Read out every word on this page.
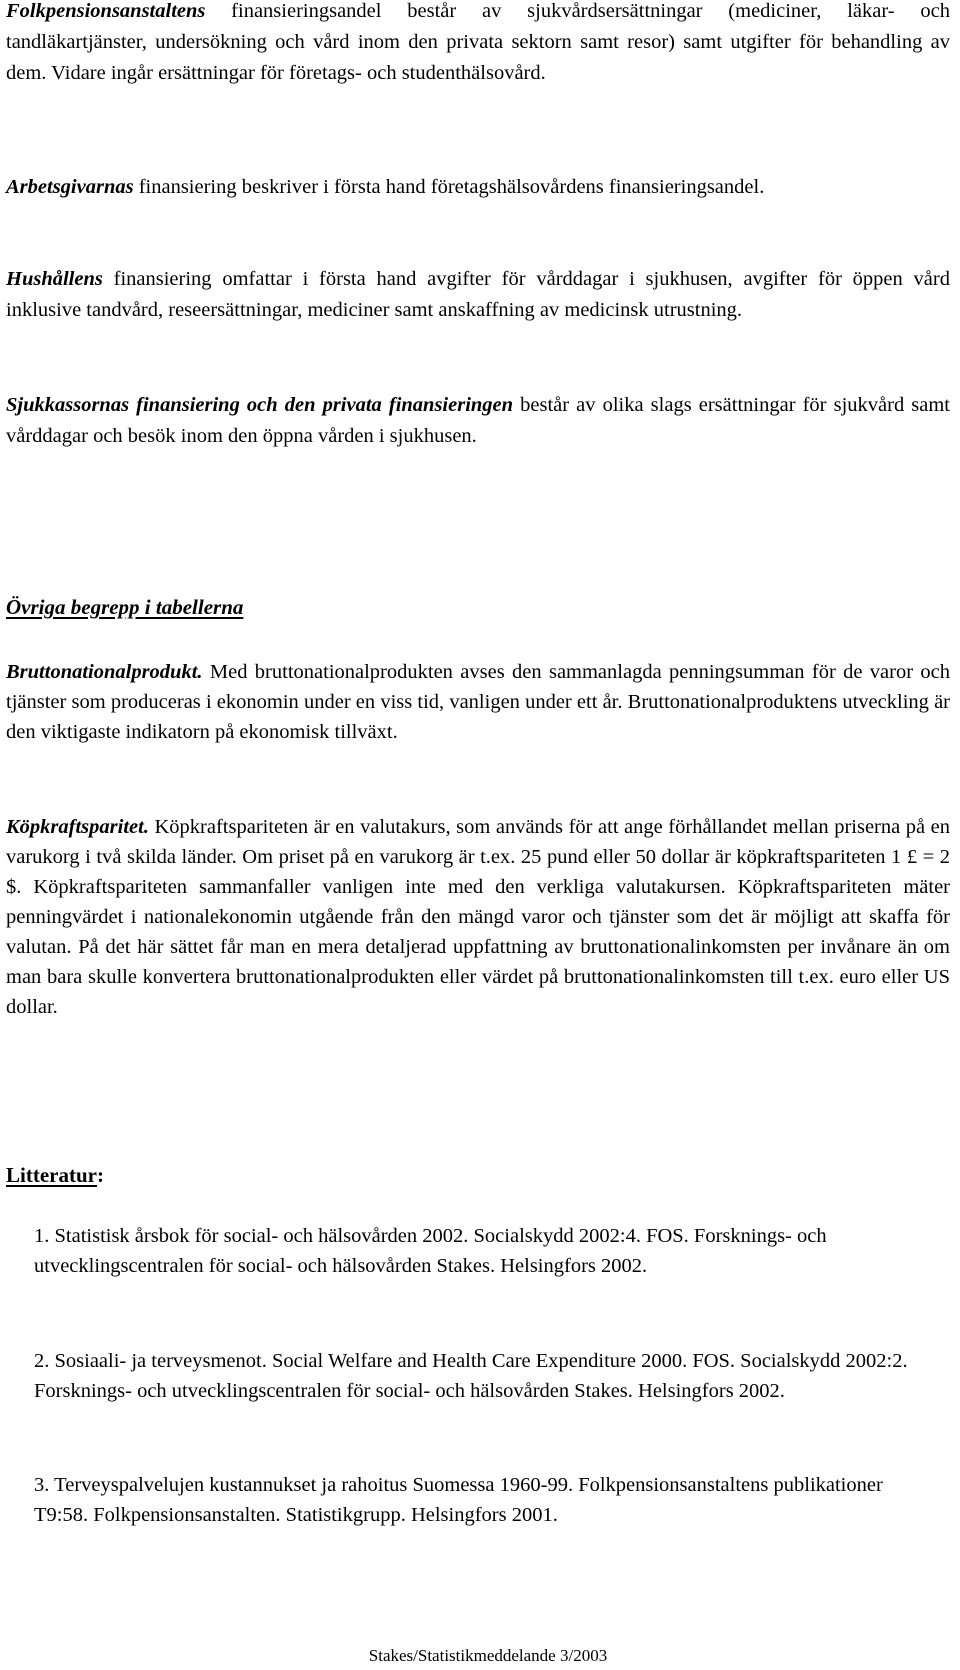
Folkpensionsanstaltens finansieringsandel består av sjukvårdsersättningar (mediciner, läkar- och tandläkartjänster, undersökning och vård inom den privata sektorn samt resor) samt utgifter för behandling av dem. Vidare ingår ersättningar för företags- och studenthälsovård.

Arbetsgivarnas finansiering beskriver i första hand företagshälsovårdens finansieringsandel.

Hushållens finansiering omfattar i första hand avgifter för vårddagar i sjukhusen, avgifter för öppen vård inklusive tandvård, reseersättningar, mediciner samt anskaffning av medicinsk utrustning.

Sjukkassornas finansiering och den privata finansieringen består av olika slags ersättningar för sjukvård samt vårddagar och besök inom den öppna vården i sjukhusen.

Övriga begrepp i tabellerna

Bruttonationalprodukt. Med bruttonationalprodukten avses den sammanlagda penningsumman för de varor och tjänster som produceras i ekonomin under en viss tid, vanligen under ett år. Bruttonationalproduktens utveckling är den viktigaste indikatorn på ekonomisk tillväxt.

Köpkraftsparitet. Köpkraftspariteten är en valutakurs, som används för att ange förhållandet mellan priserna på en varukorg i två skilda länder. Om priset på en varukorg är t.ex. 25 pund eller 50 dollar är köpkraftspariteten 1 £ = 2 $. Köpkraftspariteten sammanfaller vanligen inte med den verkliga valutakursen. Köpkraftspariteten mäter penningvärdet i nationalekonomin utgående från den mängd varor och tjänster som det är möjligt att skaffa för valutan. På det här sättet får man en mera detaljerad uppfattning av bruttonationalinkomsten per invånare än om man bara skulle konvertera bruttonationalprodukten eller värdet på bruttonationalinkomsten till t.ex. euro eller US dollar.

Litteratur:
1. Statistisk årsbok för social- och hälsovården 2002. Socialskydd 2002:4. FOS. Forsknings- och utvecklingscentralen för social- och hälsovården Stakes. Helsingfors 2002.
2. Sosiaali- ja terveysmenot. Social Welfare and Health Care Expenditure 2000. FOS. Socialskydd 2002:2. Forsknings- och utvecklingscentralen för social- och hälsovården Stakes. Helsingfors 2002.
3. Terveyspalvelujen kustannukset ja rahoitus Suomessa 1960-99. Folkpensionsanstaltens publikationer T9:58. Folkpensionsanstalten. Statistikgrupp. Helsingfors 2001.
Stakes/Statistikmeddelande 3/2003
